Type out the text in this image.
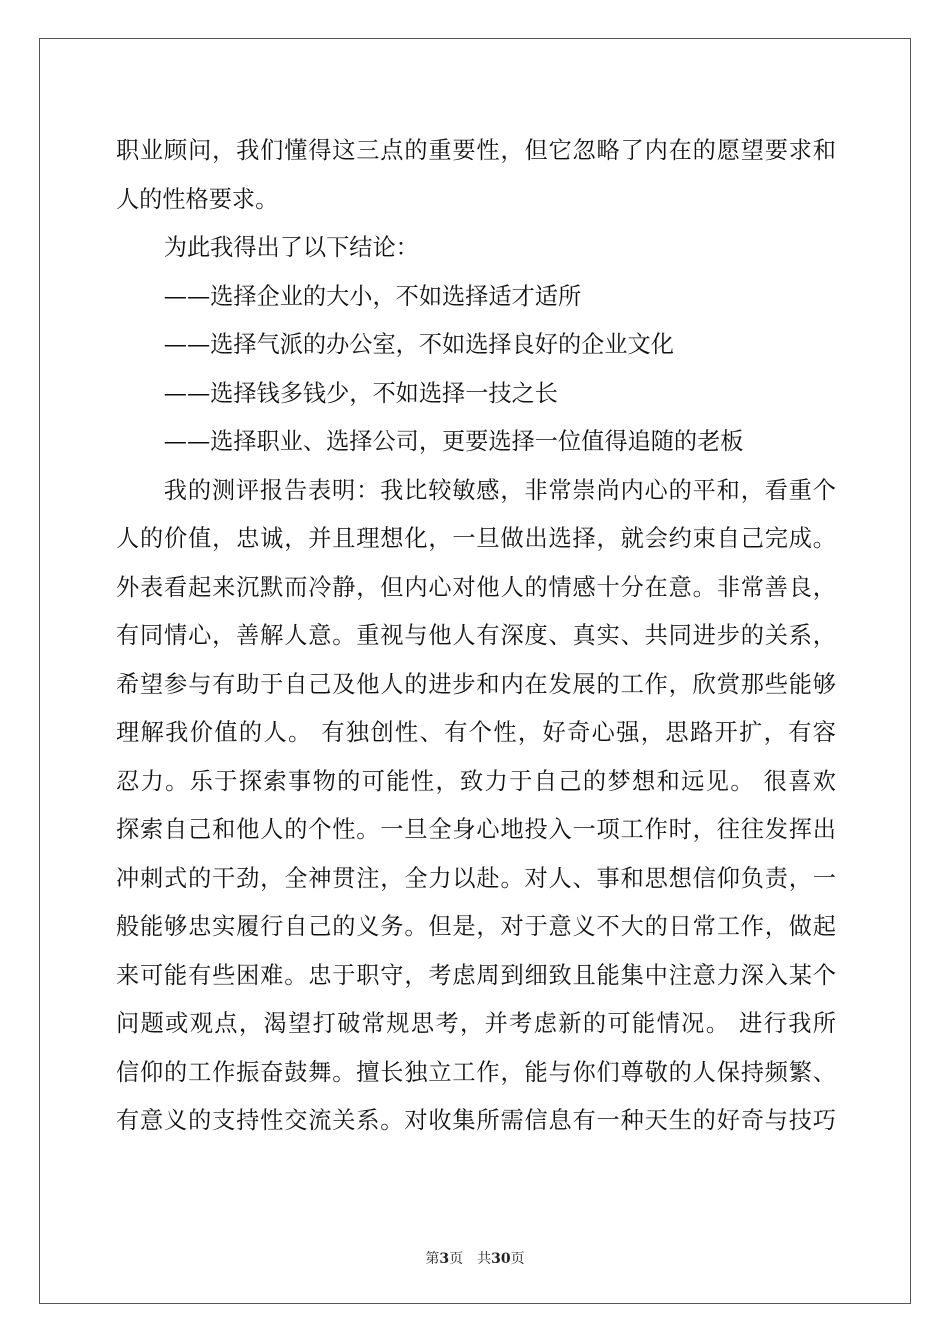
职业顾问，我们懂得这三点的重要性，但它忽略了内在的愿望要求和
人的性格要求。
为此我得出了以下结论：
——选择企业的大小，不如选择适才适所
——选择气派的办公室，不如选择良好的企业文化
——选择钱多钱少，不如选择一技之长
——选择职业、选择公司，更要选择一位值得追随的老板
我的测评报告表明：我比较敏感，非常崇尚内心的平和，看重个
人的价值，忠诚，并且理想化，一旦做出选择，就会约束自己完成。
外表看起来沉默而冷静，但内心对他人的情感十分在意。非常善良，
有同情心，善解人意。重视与他人有深度、真实、共同进步的关系，
希望参与有助于自己及他人的进步和内在发展的工作，欣赏那些能够
理解我价值的人。 有独创性、有个性，好奇心强，思路开扩，有容
忍力。乐于探索事物的可能性，致力于自己的梦想和远见。 很喜欢
探索自己和他人的个性。一旦全身心地投入一项工作时，往往发挥出
冲刺式的干劲，全神贯注，全力以赴。对人、事和思想信仰负责，一
般能够忠实履行自己的义务。但是，对于意义不大的日常工作，做起
来可能有些困难。忠于职守，考虑周到细致且能集中注意力深入某个
问题或观点，渴望打破常规思考，并考虑新的可能情况。 进行我所
信仰的工作振奋鼓舞。擅长独立工作，能与你们尊敬的人保持频繁、
有意义的支持性交流关系。对收集所需信息有一种天生的好奇与技巧
第3页 共30页
